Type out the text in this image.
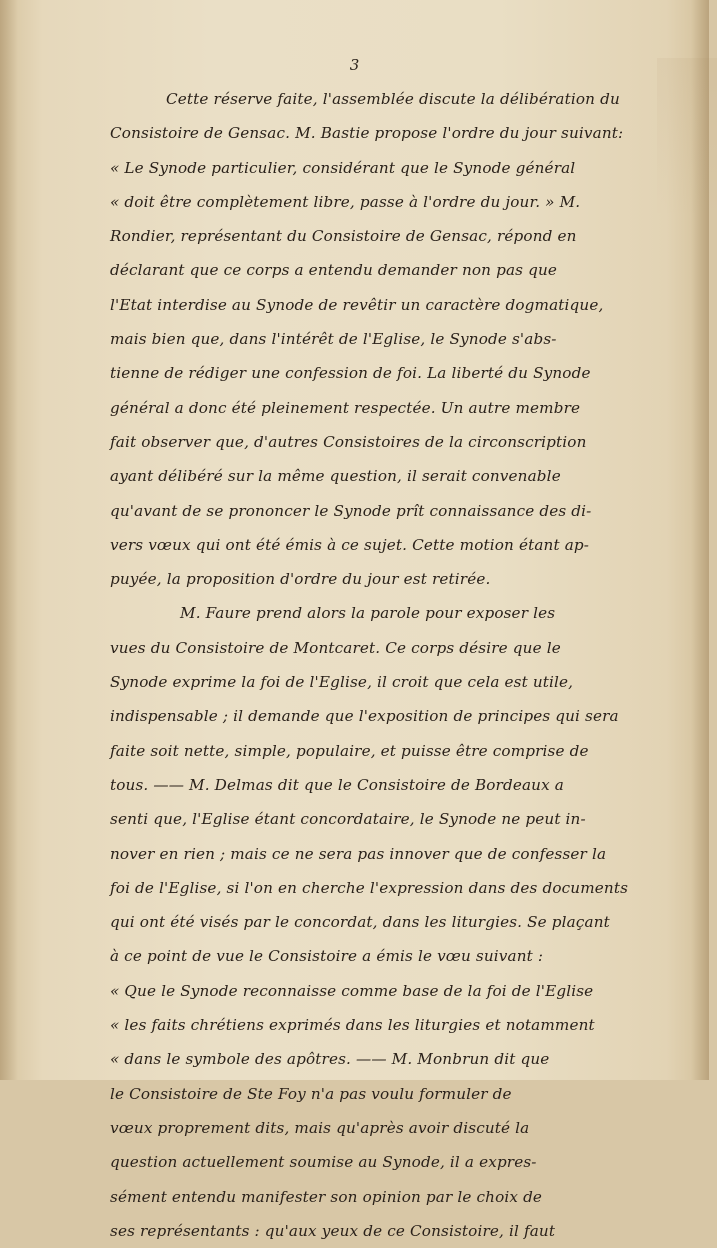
3
Cette réserve faite, l'assemblée discute la délibération du
Consistoire de Gensac. M. Bastie propose l'ordre du jour suivant:
« Le Synode particulier, considérant que le Synode général
« doit être complètement libre, passe à l'ordre du jour. » M.
Rondier, représentant du Consistoire de Gensac, répond en
déclarant que ce corps a entendu demander non pas que
l'Etat interdise au Synode de revêtir un caractère dogmatique,
mais bien que, dans l'intérêt de l'Eglise, le Synode s'abs-
tienne de rédiger une confession de foi. La liberté du Synode
général a donc été pleinement respectée. Un autre membre
fait observer que, d'autres Consistoires de la circonscription
ayant délibéré sur la même question, il serait convenable
qu'avant de se prononcer le Synode prît connaissance des di-
vers vœux qui ont été émis à ce sujet. Cette motion étant ap-
puyée, la proposition d'ordre du jour est retirée.
M. Faure prend alors la parole pour exposer les
vues du Consistoire de Montcaret. Ce corps désire que le
Synode exprime la foi de l'Eglise, il croit que cela est utile,
indispensable ; il demande que l'exposition de principes qui sera
faite soit nette, simple, populaire, et puisse être comprise de
tous. —— M. Delmas dit que le Consistoire de Bordeaux a
senti que, l'Eglise étant concordataire, le Synode ne peut in-
nover en rien ; mais ce ne sera pas innover que de confesser la
foi de l'Eglise, si l'on en cherche l'expression dans des documents
qui ont été visés par le concordat, dans les liturgies. Se plaçant
à ce point de vue le Consistoire a émis le vœu suivant :
« Que le Synode reconnaisse comme base de la foi de l'Eglise
« les faits chrétiens exprimés dans les liturgies et notamment
« dans le symbole des apôtres. —— M. Monbrun dit que
le Consistoire de Ste Foy n'a pas voulu formuler de
vœux proprement dits, mais qu'après avoir discuté la
question actuellement soumise au Synode, il a expres-
sément entendu manifester son opinion par le choix de
ses représentants : qu'aux yeux de ce Consistoire, il faut
